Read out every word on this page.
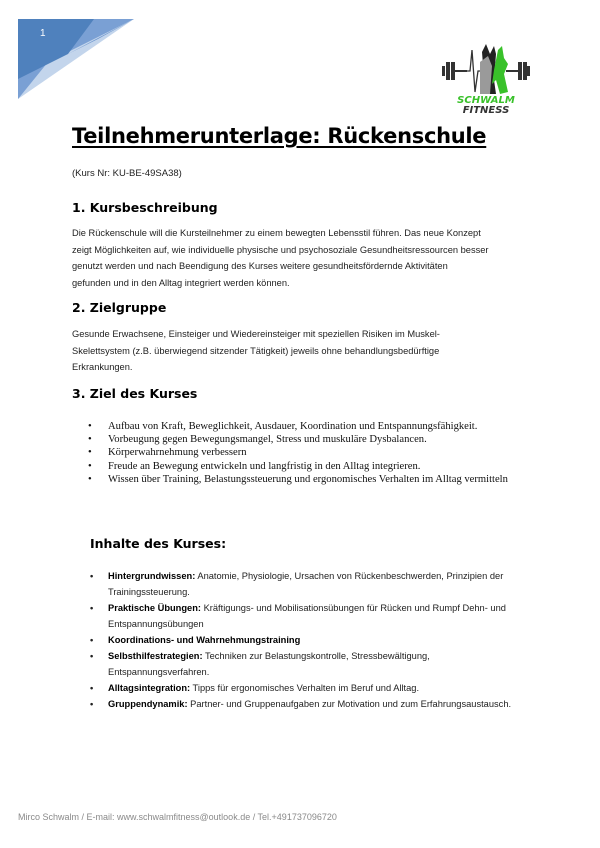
1
SCHWALM
FITNESS
Teilnehmerunterlage: Rückenschule
(Kurs Nr: KU-BE-49SA38)
1. Kursbeschreibung

Die Rückenschule will die Kursteilnehmer zu einem bewegten Lebensstil führen. Das neue Konzept
zeigt Möglichkeiten auf, wie individuelle physische und psychosoziale Gesundheitsressourcen besser
genutzt werden und nach Beendigung des Kurses weitere gesundheitsfördernde Aktivitäten
gefunden und in den Alltag integriert werden können.

2. Zielgruppe

Gesunde Erwachsene, Einsteiger und Wiedereinsteiger mit speziellen Risiken im Muskel-
Skelettsystem (z.B. überwiegend sitzender Tätigkeit) jeweils ohne behandlungsbedürftige
Erkrankungen.

3. Ziel des Kurses
• Aufbau von Kraft, Beweglichkeit, Ausdauer, Koordination und Entspannungsfähigkeit.
• Vorbeugung gegen Bewegungsmangel, Stress und muskuläre Dysbalancen.
• Körperwahrnehmung verbessern
• Freude an Bewegung entwickeln und langfristig in den Alltag integrieren.
• Wissen über Training, Belastungssteuerung und ergonomisches Verhalten im Alltag vermitteln
Inhalte des Kurses:
• Hintergrundwissen: Anatomie, Physiologie, Ursachen von Rückenbeschwerden, Prinzipien der Trainingssteuerung.
• Praktische Übungen: Kräftigungs- und Mobilisationsübungen für Rücken und Rumpf Dehn- und Entspannungsübungen
• Koordinations- und Wahrnehmungstraining
• Selbsthilfestrategien: Techniken zur Belastungskontrolle, Stressbewältigung, Entspannungsverfahren.
• Alltagsintegration: Tipps für ergonomisches Verhalten im Beruf und Alltag.
• Gruppendynamik: Partner- und Gruppenaufgaben zur Motivation und zum Erfahrungsaustausch.
Mirco Schwalm / E-mail: www.schwalmfitness@outlook.de / Tel.+491737096720
